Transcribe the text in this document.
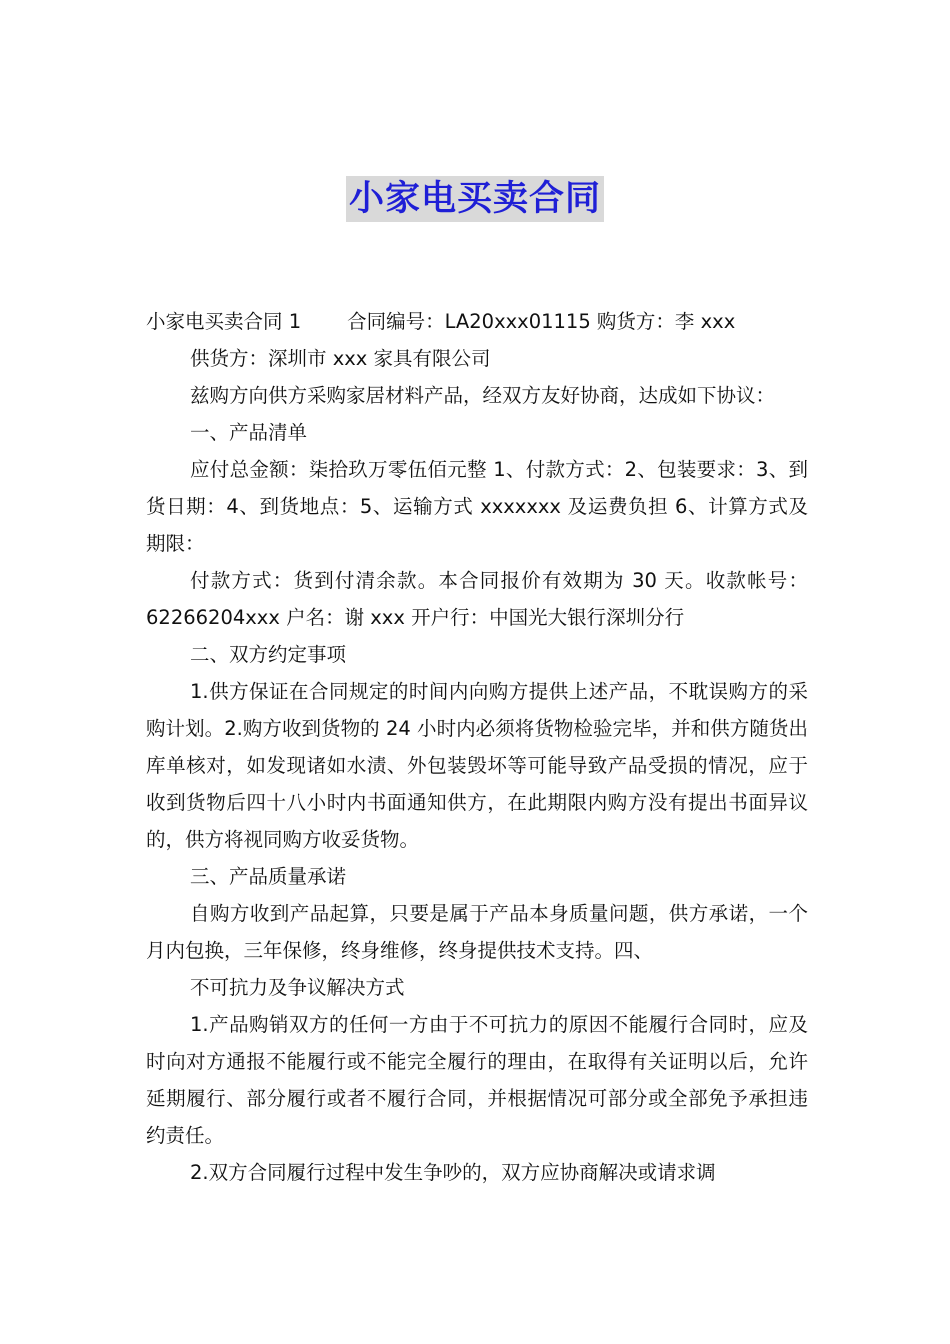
小家电买卖合同

小家电买卖合同 1 合同编号：LA20xxx01115 购货方：李 xxx

供货方：深圳市 xxx 家具有限公司

兹购方向供方采购家居材料产品，经双方友好协商，达成如下协议：

一、产品清单

应付总金额：柒拾玖万零伍佰元整 1、付款方式：2、包装要求：3、到货日期：4、到货地点：5、运输方式 xxxxxxx 及运费负担 6、计算方式及期限：

付款方式：货到付清余款。本合同报价有效期为 30 天。收款帐号：62266204xxx 户名：谢 xxx 开户行：中国光大银行深圳分行

二、双方约定事项

1.供方保证在合同规定的时间内向购方提供上述产品，不耽误购方的采购计划。2.购方收到货物的 24 小时内必须将货物检验完毕，并和供方随货出库单核对，如发现诸如水渍、外包装毁坏等可能导致产品受损的情况，应于收到货物后四十八小时内书面通知供方，在此期限内购方没有提出书面异议的，供方将视同购方收妥货物。

三、产品质量承诺

自购方收到产品起算，只要是属于产品本身质量问题，供方承诺，一个月内包换，三年保修，终身维修，终身提供技术支持。四、

不可抗力及争议解决方式

1.产品购销双方的任何一方由于不可抗力的原因不能履行合同时，应及时向对方通报不能履行或不能完全履行的理由，在取得有关证明以后，允许延期履行、部分履行或者不履行合同，并根据情况可部分或全部免予承担违约责任。

2.双方合同履行过程中发生争吵的，双方应协商解决或请求调
